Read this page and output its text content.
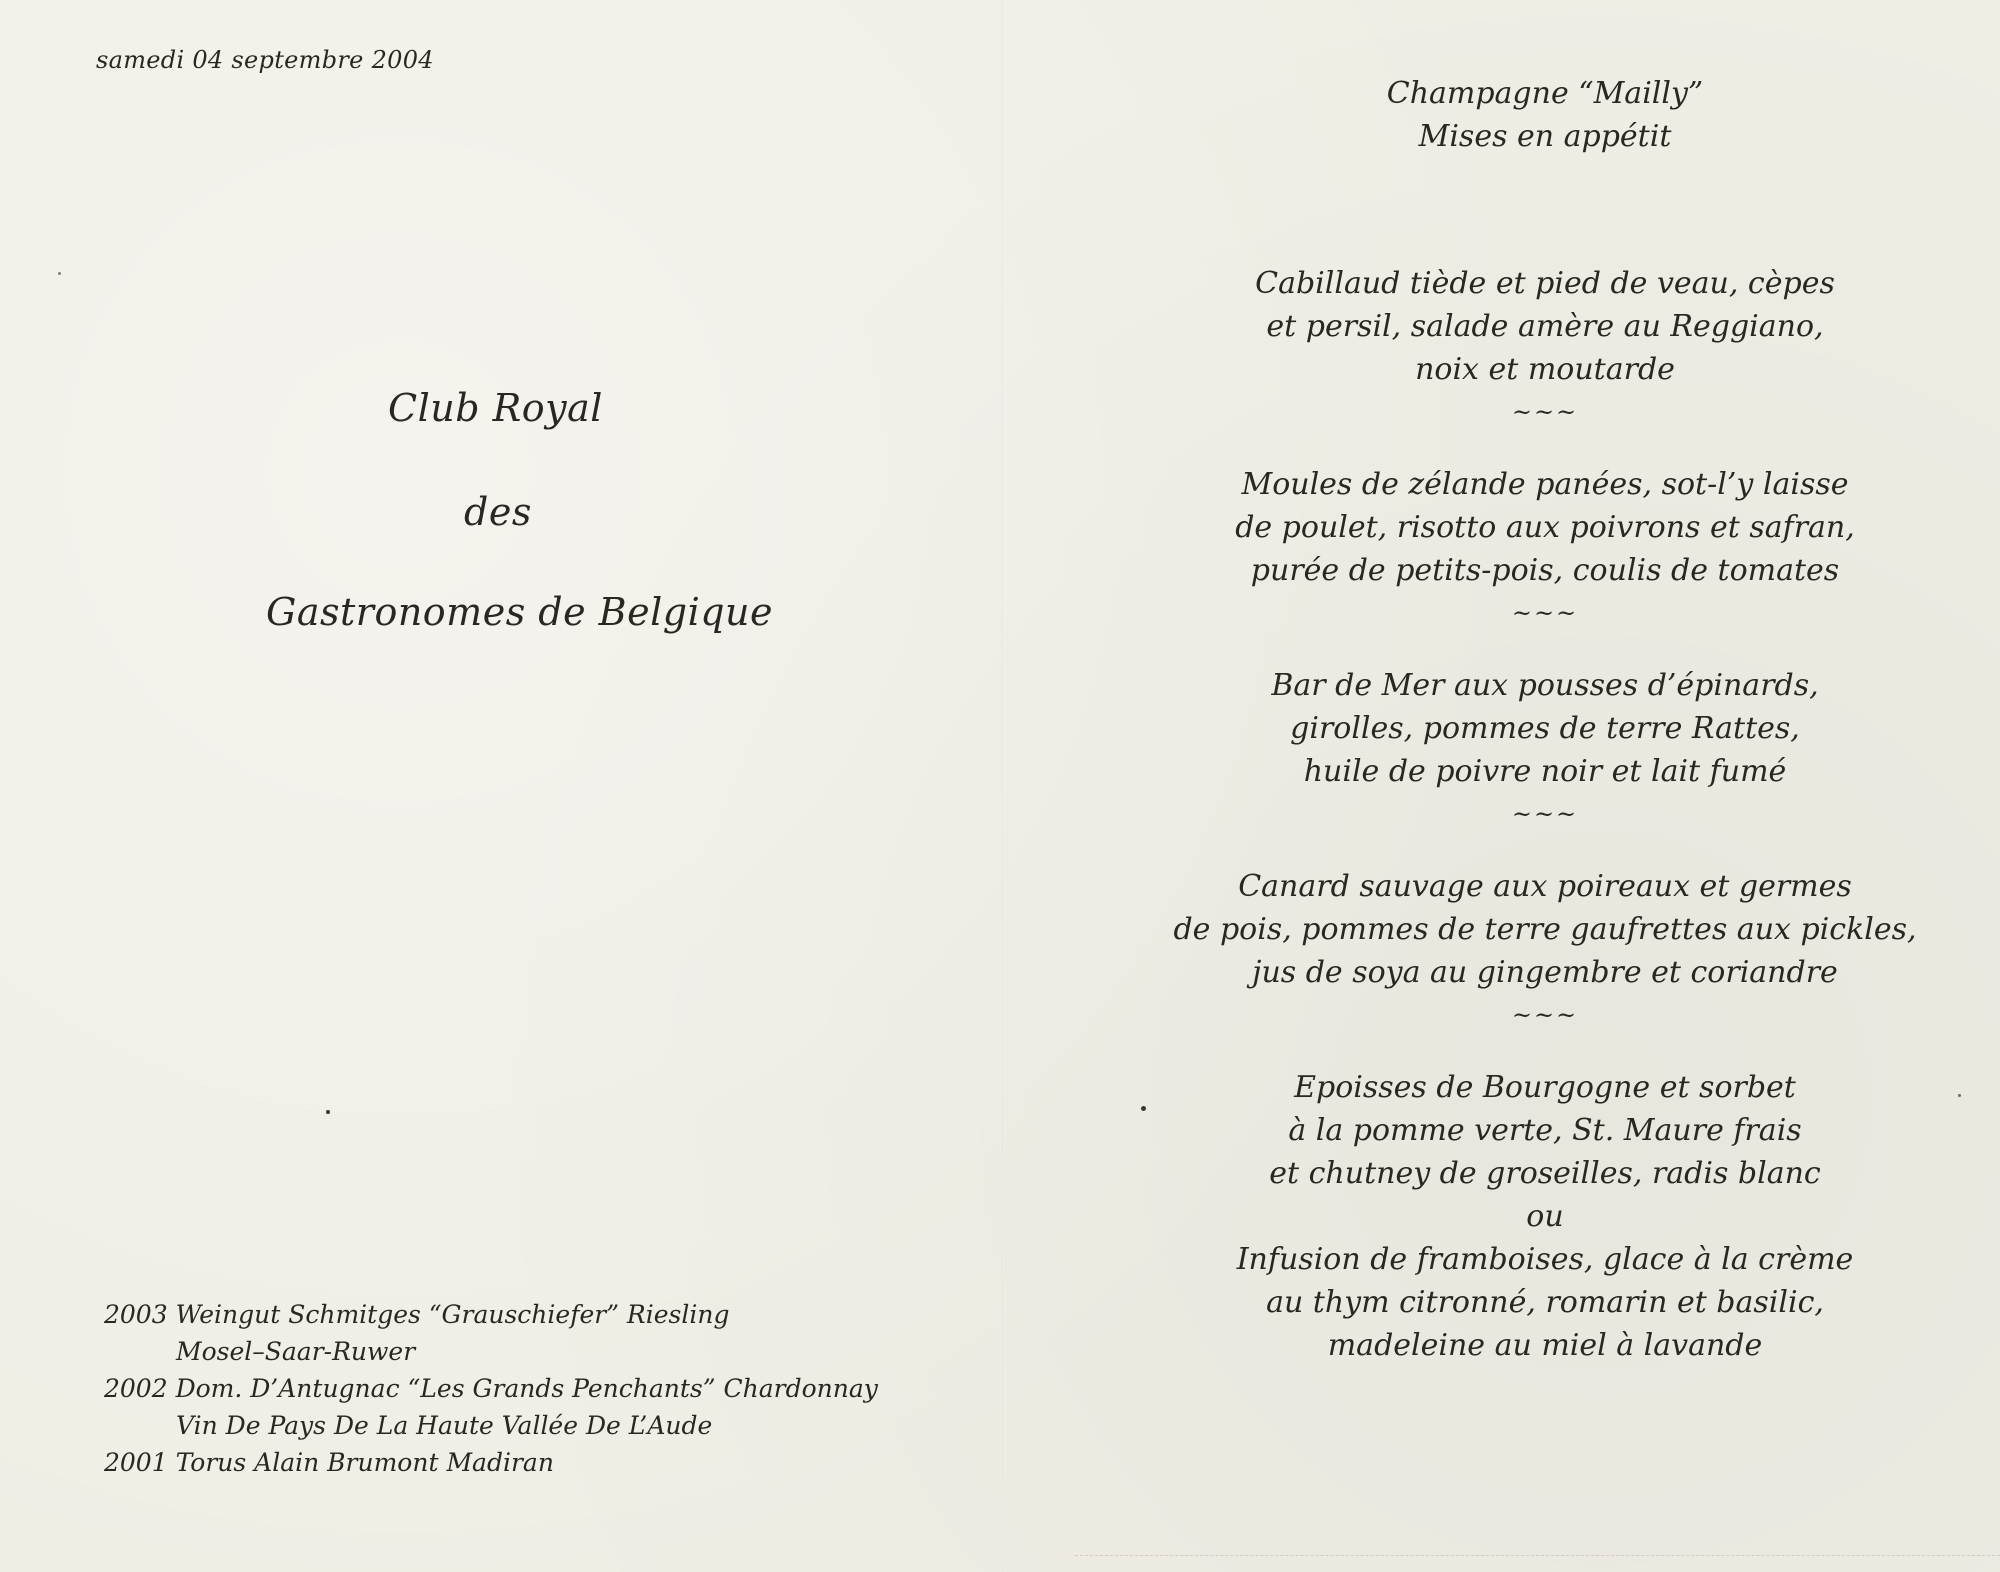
samedi 04 septembre 2004
Club Royal
des
Gastronomes de Belgique
2003 Weingut Schmitges “Grauschiefer” Riesling
Mosel–Saar-Ruwer
2002 Dom. D’Antugnac “Les Grands Penchants” Chardonnay
Vin De Pays De La Haute Vallée De L’Aude
2001 Torus Alain Brumont Madiran
Champagne “Mailly”
Mises en appétit
Cabillaud tiède et pied de veau, cèpes
et persil, salade amère au Reggiano,
noix et moutarde
~~~
Moules de zélande panées, sot-l’y laisse
de poulet, risotto aux poivrons et safran,
purée de petits-pois, coulis de tomates
~~~
Bar de Mer aux pousses d’épinards,
girolles, pommes de terre Rattes,
huile de poivre noir et lait fumé
~~~
Canard sauvage aux poireaux et germes
de pois, pommes de terre gaufrettes aux pickles,
jus de soya au gingembre et coriandre
~~~
Epoisses de Bourgogne et sorbet
à la pomme verte, St. Maure frais
et chutney de groseilles, radis blanc
ou
Infusion de framboises, glace à la crème
au thym citronné, romarin et basilic,
madeleine au miel à lavande
